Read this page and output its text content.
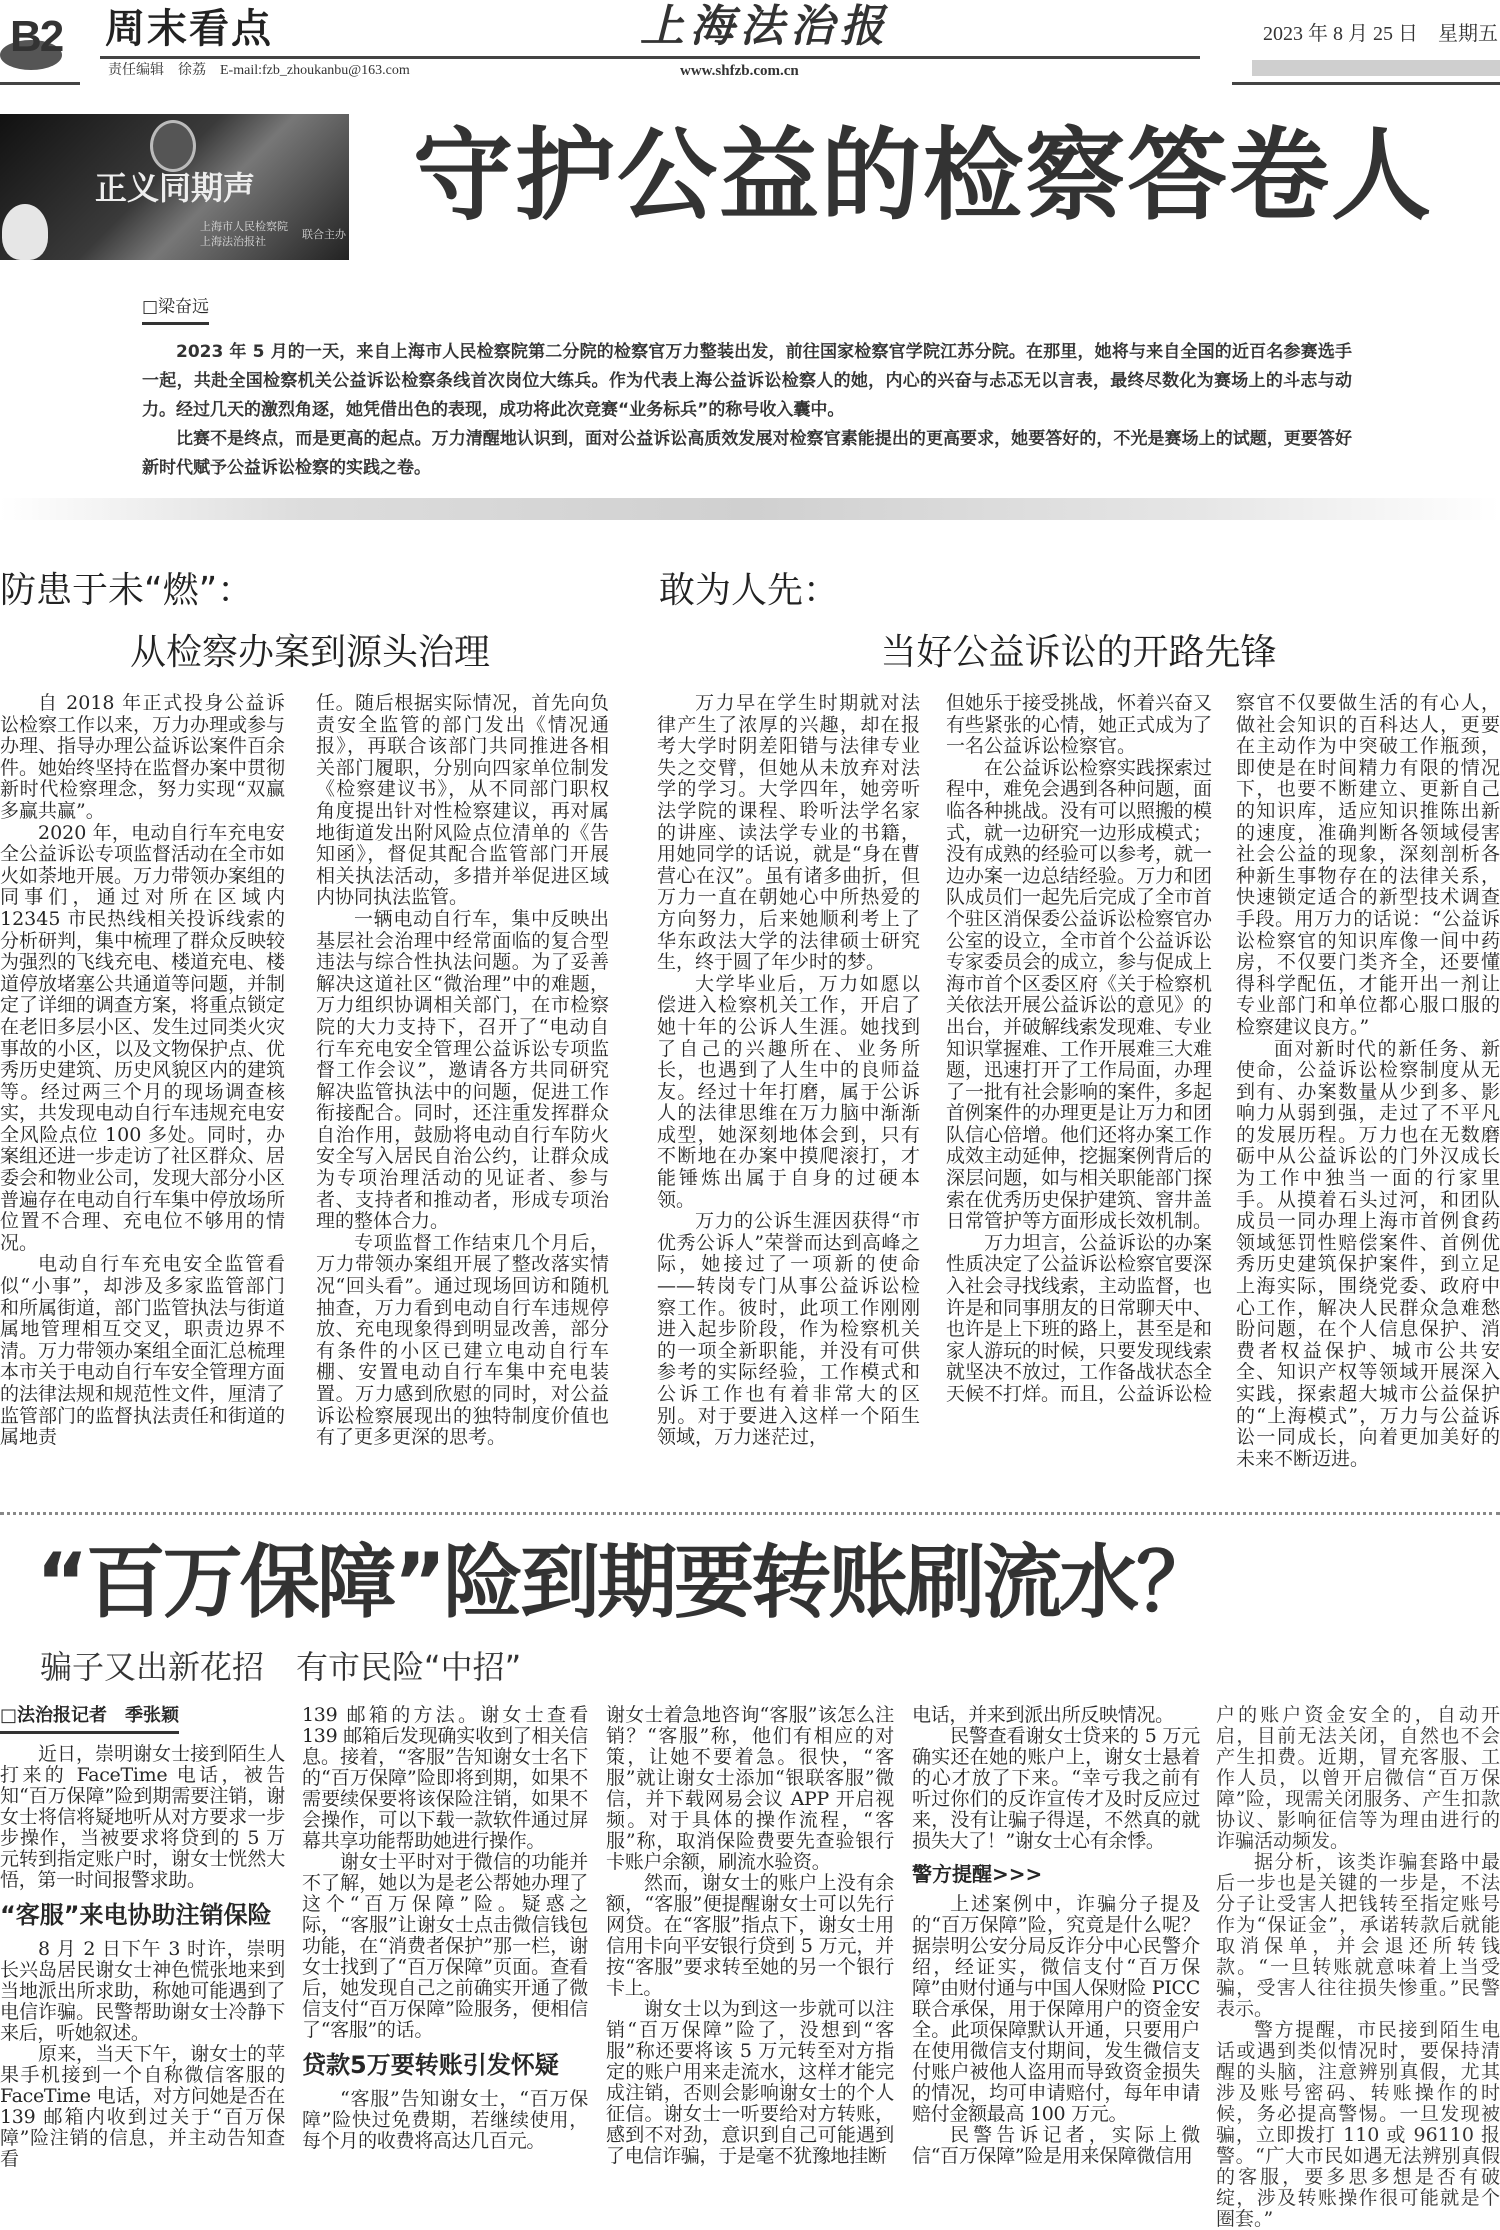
B2 周末看点	上海法治报	2023 年 8 月 25 日　星期五
责任编辑　徐荔　E-mail:fzb_zhoukanbu@163.com	www.shfzb.com.cn
正义同期声
上海市人民检察院
上海法治报社
联合主办
守护公益的检察答卷人
□梁奋远

2023 年 5 月的一天，来自上海市人民检察院第二分院的检察官万力整装出发，前往国家检察官学院江苏分院。在那里，她将与来自全国的近百名参赛选手一起，共赴全国检察机关公益诉讼检察条线首次岗位大练兵。作为代表上海公益诉讼检察人的她，内心的兴奋与忐忑无以言表，最终尽数化为赛场上的斗志与动力。经过几天的激烈角逐，她凭借出色的表现，成功将此次竞赛“业务标兵”的称号收入囊中。

比赛不是终点，而是更高的起点。万力清醒地认识到，面对公益诉讼高质效发展对检察官素能提出的更高要求，她要答好的，不光是赛场上的试题，更要答好新时代赋予公益诉讼检察的实践之卷。

防患于未“燃”：
从检察办案到源头治理
敢为人先：
当好公益诉讼的开路先锋

自 2018 年正式投身公益诉讼检察工作以来，万力办理或参与办理、指导办理公益诉讼案件百余件。她始终坚持在监督办案中贯彻新时代检察理念，努力实现“双赢多赢共赢”。

2020 年，电动自行车充电安全公益诉讼专项监督活动在全市如火如荼地开展。万力带领办案组的同事们，通过对所在区域内 12345 市民热线相关投诉线索的分析研判，集中梳理了群众反映较为强烈的飞线充电、楼道充电、楼道停放堵塞公共通道等问题，并制定了详细的调查方案，将重点锁定在老旧多层小区、发生过同类火灾事故的小区，以及文物保护点、优秀历史建筑、历史风貌区内的建筑等。经过两三个月的现场调查核实，共发现电动自行车违规充电安全风险点位 100 多处。同时，办案组还进一步走访了社区群众、居委会和物业公司，发现大部分小区普遍存在电动自行车集中停放场所位置不合理、充电位不够用的情况。

电动自行车充电安全监管看似“小事”，却涉及多家监管部门和所属街道，部门监管执法与街道属地管理相互交叉，职责边界不清。万力带领办案组全面汇总梳理本市关于电动自行车安全管理方面的法律法规和规范性文件，厘清了监管部门的监督执法责任和街道的属地责

任。随后根据实际情况，首先向负责安全监管的部门发出《情况通报》，再联合该部门共同推进各相关部门履职，分别向四家单位制发《检察建议书》，从不同部门职权角度提出针对性检察建议，再对属地街道发出附风险点位清单的《告知函》，督促其配合监管部门开展相关执法活动，多措并举促进区域内协同执法监管。

一辆电动自行车，集中反映出基层社会治理中经常面临的复合型违法与综合性执法问题。为了妥善解决这道社区“微治理”中的难题，万力组织协调相关部门，在市检察院的大力支持下，召开了“电动自行车充电安全管理公益诉讼专项监督工作会议”，邀请各方共同研究解决监管执法中的问题，促进工作衔接配合。同时，还注重发挥群众自治作用，鼓励将电动自行车防火安全写入居民自治公约，让群众成为专项治理活动的见证者、参与者、支持者和推动者，形成专项治理的整体合力。

专项监督工作结束几个月后，万力带领办案组开展了整改落实情况“回头看”。通过现场回访和随机抽查，万力看到电动自行车违规停放、充电现象得到明显改善，部分有条件的小区已建立电动自行车棚、安置电动自行车集中充电装置。万力感到欣慰的同时，对公益诉讼检察展现出的独特制度价值也有了更多更深的思考。

万力早在学生时期就对法律产生了浓厚的兴趣，却在报考大学时阴差阳错与法律专业失之交臂，但她从未放弃对法学的学习。大学四年，她旁听法学院的课程、聆听法学名家的讲座、读法学专业的书籍，用她同学的话说，就是“身在曹营心在汉”。虽有诸多曲折，但万力一直在朝她心中所热爱的方向努力，后来她顺利考上了华东政法大学的法律硕士研究生，终于圆了年少时的梦。

大学毕业后，万力如愿以偿进入检察机关工作，开启了她十年的公诉人生涯。她找到了自己的兴趣所在、业务所长，也遇到了人生中的良师益友。经过十年打磨，属于公诉人的法律思维在万力脑中渐渐成型，她深刻地体会到，只有不断地在办案中摸爬滚打，才能锤炼出属于自身的过硬本领。

万力的公诉生涯因获得“市优秀公诉人”荣誉而达到高峰之际，她接过了一项新的使命——转岗专门从事公益诉讼检察工作。彼时，此项工作刚刚进入起步阶段，作为检察机关的一项全新职能，并没有可供参考的实际经验，工作模式和公诉工作也有着非常大的区别。对于要进入这样一个陌生领域，万力迷茫过，

但她乐于接受挑战，怀着兴奋又有些紧张的心情，她正式成为了一名公益诉讼检察官。

在公益诉讼检察实践探索过程中，难免会遇到各种问题，面临各种挑战。没有可以照搬的模式，就一边研究一边形成模式；没有成熟的经验可以参考，就一边办案一边总结经验。万力和团队成员们一起先后完成了全市首个驻区消保委公益诉讼检察官办公室的设立，全市首个公益诉讼专家委员会的成立，参与促成上海市首个区委区府《关于检察机关依法开展公益诉讼的意见》的出台，并破解线索发现难、专业知识掌握难、工作开展难三大难题，迅速打开了工作局面，办理了一批有社会影响的案件，多起首例案件的办理更是让万力和团队信心倍增。他们还将办案工作成效主动延伸，挖掘案例背后的深层问题，如与相关职能部门探索在优秀历史保护建筑、窨井盖日常管护等方面形成长效机制。

万力坦言，公益诉讼的办案性质决定了公益诉讼检察官要深入社会寻找线索，主动监督，也许是和同事朋友的日常聊天中、也许是上下班的路上，甚至是和家人游玩的时候，只要发现线索就坚决不放过，工作备战状态全天候不打烊。而且，公益诉讼检

察官不仅要做生活的有心人，做社会知识的百科达人，更要在主动作为中突破工作瓶颈，即使是在时间精力有限的情况下，也要不断建立、更新自己的知识库，适应知识推陈出新的速度，准确判断各领域侵害社会公益的现象，深刻剖析各种新生事物存在的法律关系，快速锁定适合的新型技术调查手段。用万力的话说：“公益诉讼检察官的知识库像一间中药房，不仅要门类齐全，还要懂得科学配伍，才能开出一剂让专业部门和单位都心服口服的检察建议良方。”

面对新时代的新任务、新使命，公益诉讼检察制度从无到有、办案数量从少到多、影响力从弱到强，走过了不平凡的发展历程。万力也在无数磨砺中从公益诉讼的门外汉成长为工作中独当一面的行家里手。从摸着石头过河，和团队成员一同办理上海市首例食药领域惩罚性赔偿案件、首例优秀历史建筑保护案件，到立足上海实际，围绕党委、政府中心工作，解决人民群众急难愁盼问题，在个人信息保护、消费者权益保护、城市公共安全、知识产权等领域开展深入实践，探索超大城市公益保护的“上海模式”，万力与公益诉讼一同成长，向着更加美好的未来不断迈进。

“百万保障”险到期要转账刷流水？
骗子又出新花招　有市民险“中招”
□法治报记者　季张颖

近日，崇明谢女士接到陌生人打来的 FaceTime 电话，被告知“百万保障”险到期需要注销，谢女士将信将疑地听从对方要求一步步操作，当被要求将贷到的 5 万元转到指定账户时，谢女士恍然大悟，第一时间报警求助。

“客服”来电协助注销保险

8 月 2 日下午 3 时许，崇明长兴岛居民谢女士神色慌张地来到当地派出所求助，称她可能遇到了电信诈骗。民警帮助谢女士冷静下来后，听她叙述。

原来，当天下午，谢女士的苹果手机接到一个自称微信客服的 FaceTime 电话，对方问她是否在 139 邮箱内收到过关于“百万保障”险注销的信息，并主动告知查看

139 邮箱的方法。谢女士查看 139 邮箱后发现确实收到了相关信息。接着，“客服”告知谢女士名下的“百万保障”险即将到期，如果不需要续保要将该保险注销，如果不会操作，可以下载一款软件通过屏幕共享功能帮助她进行操作。

谢女士平时对于微信的功能并不了解，她以为是老公帮她办理了这个“百万保障”险。疑惑之际，“客服”让谢女士点击微信钱包功能，在“消费者保护”那一栏，谢女士找到了“百万保障”页面。查看后，她发现自己之前确实开通了微信支付“百万保障”险服务，便相信了“客服”的话。

贷款5万要转账引发怀疑

“客服”告知谢女士，“百万保障”险快过免费期，若继续使用，每个月的收费将高达几百元。

谢女士着急地咨询“客服”该怎么注销？“客服”称，他们有相应的对策，让她不要着急。很快，“客服”就让谢女士添加“银联客服”微信，并下载网易会议 APP 开启视频。对于具体的操作流程，“客服”称，取消保险费要先查验银行卡账户余额，刷流水验资。

然而，谢女士的账户上没有余额，“客服”便提醒谢女士可以先行网贷。在“客服”指点下，谢女士用信用卡向平安银行贷到 5 万元，并按“客服”要求转至她的另一个银行卡上。

谢女士以为到这一步就可以注销“百万保障”险了，没想到“客服”称还要将该 5 万元转至对方指定的账户用来走流水，这样才能完成注销，否则会影响谢女士的个人征信。谢女士一听要给对方转账，感到不对劲，意识到自己可能遇到了电信诈骗，于是毫不犹豫地挂断

电话，并来到派出所反映情况。

民警查看谢女士贷来的 5 万元确实还在她的账户上，谢女士悬着的心才放了下来。“幸亏我之前有听过你们的反诈宣传才及时反应过来，没有让骗子得逞，不然真的就损失大了！”谢女士心有余悸。

警方提醒>>>

上述案例中，诈骗分子提及的“百万保障”险，究竟是什么呢？据崇明公安分局反诈分中心民警介绍，经证实，微信支付“百万保障”由财付通与中国人保财险 PICC 联合承保，用于保障用户的资金安全。此项保障默认开通，只要用户在使用微信支付期间，发生微信支付账户被他人盗用而导致资金损失的情况，均可申请赔付，每年申请赔付金额最高 100 万元。

民警告诉记者，实际上微信“百万保障”险是用来保障微信用

户的账户资金安全的，自动开启，目前无法关闭，自然也不会产生扣费。近期，冒充客服、工作人员，以曾开启微信“百万保障”险，现需关闭服务、产生扣款协议、影响征信等为理由进行的诈骗活动频发。

据分析，该类诈骗套路中最后一步也是关键的一步是，不法分子让受害人把钱转至指定账号作为“保证金”，承诺转款后就能取消保单，并会退还所转钱款。“一旦转账就意味着上当受骗，受害人往往损失惨重。”民警表示。

警方提醒，市民接到陌生电话或遇到类似情况时，要保持清醒的头脑，注意辨别真假，尤其涉及账号密码、转账操作的时候，务必提高警惕。一旦发现被骗，立即拨打 110 或 96110 报警。“广大市民如遇无法辨别真假的客服，要多思多想是否有破绽，涉及转账操作很可能就是个圈套。”
